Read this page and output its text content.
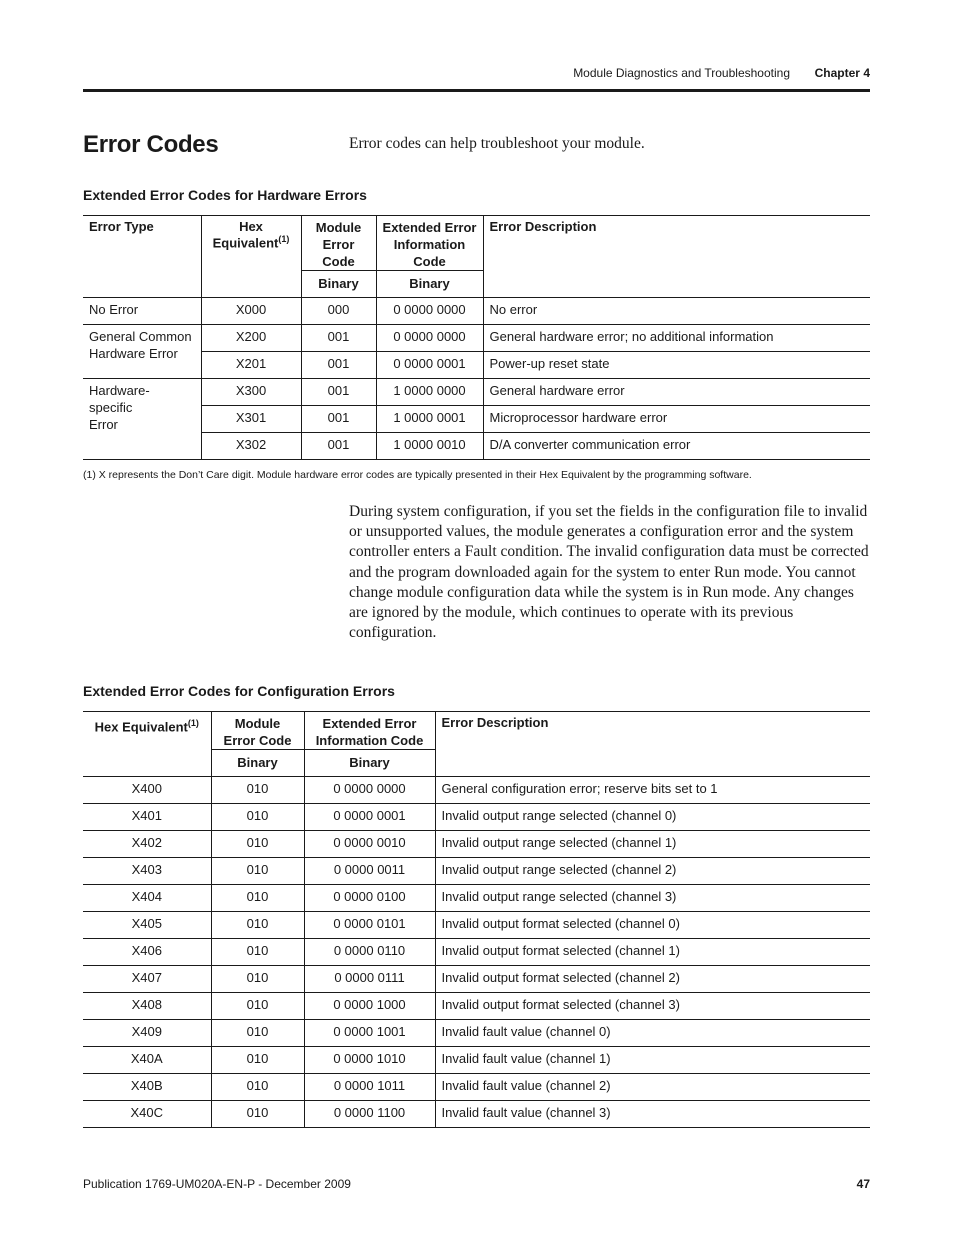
Module Diagnostics and Troubleshooting Chapter 4
Error Codes	Error codes can help troubleshoot your module.
Extended Error Codes for Hardware Errors
Error Type	Hex Equivalent$^{(1)}$	Module Error Code	Extended Error Information Code	Error Description
		Binary	Binary	
No Error	X000	000	0 0000 0000	No error
General Common Hardware Error	X200	001	0 0000 0000	General hardware error; no additional information
	X201	001	0 0000 0001	Power-up reset state

Hardware-specific Error	X300	001	1 0000 0000	General hardware error
	X301	001	1 0000 0001	Microprocessor hardware error
	X302	001	1 0000 0010	D/A converter communication error
(1) X represents the Don’t Care digit. Module hardware error codes are typically presented in their Hex Equivalent by the programming software.
During system configuration, if you set the fields in the configuration file to invalid or unsupported values, the module generates a configuration error and the system controller enters a Fault condition. The invalid configuration data must be corrected and the program downloaded again for the system to enter Run mode. You cannot change module configuration data while the system is in Run mode. Any changes are ignored by the module, which continues to operate with its previous configuration.
Extended Error Codes for Configuration Errors
Hex Equivalent$^{(1)}$	Module Error Code	Extended Error Information Code	Error Description
	Binary	Binary	
X400	010	0 0000 0000	General configuration error; reserve bits set to 1
X401	010	0 0000 0001	Invalid output range selected (channel 0)
X402	010	0 0000 0010	Invalid output range selected (channel 1)
X403	010	0 0000 0011	Invalid output range selected (channel 2)
X404	010	0 0000 0100	Invalid output range selected (channel 3)
X405	010	0 0000 0101	Invalid output format selected (channel 0)
X406	010	0 0000 0110	Invalid output format selected (channel 1)
X407	010	0 0000 0111	Invalid output format selected (channel 2)
X408	010	0 0000 1000	Invalid output format selected (channel 3)
X409	010	0 0000 1001	Invalid fault value (channel 0)
X40A	010	0 0000 1010	Invalid fault value (channel 1)
X40B	010	0 0000 1011	Invalid fault value (channel 2)
X40C	010	0 0000 1100	Invalid fault value (channel 3)
Publication 1769-UM020A-EN-P - December 2009	47
